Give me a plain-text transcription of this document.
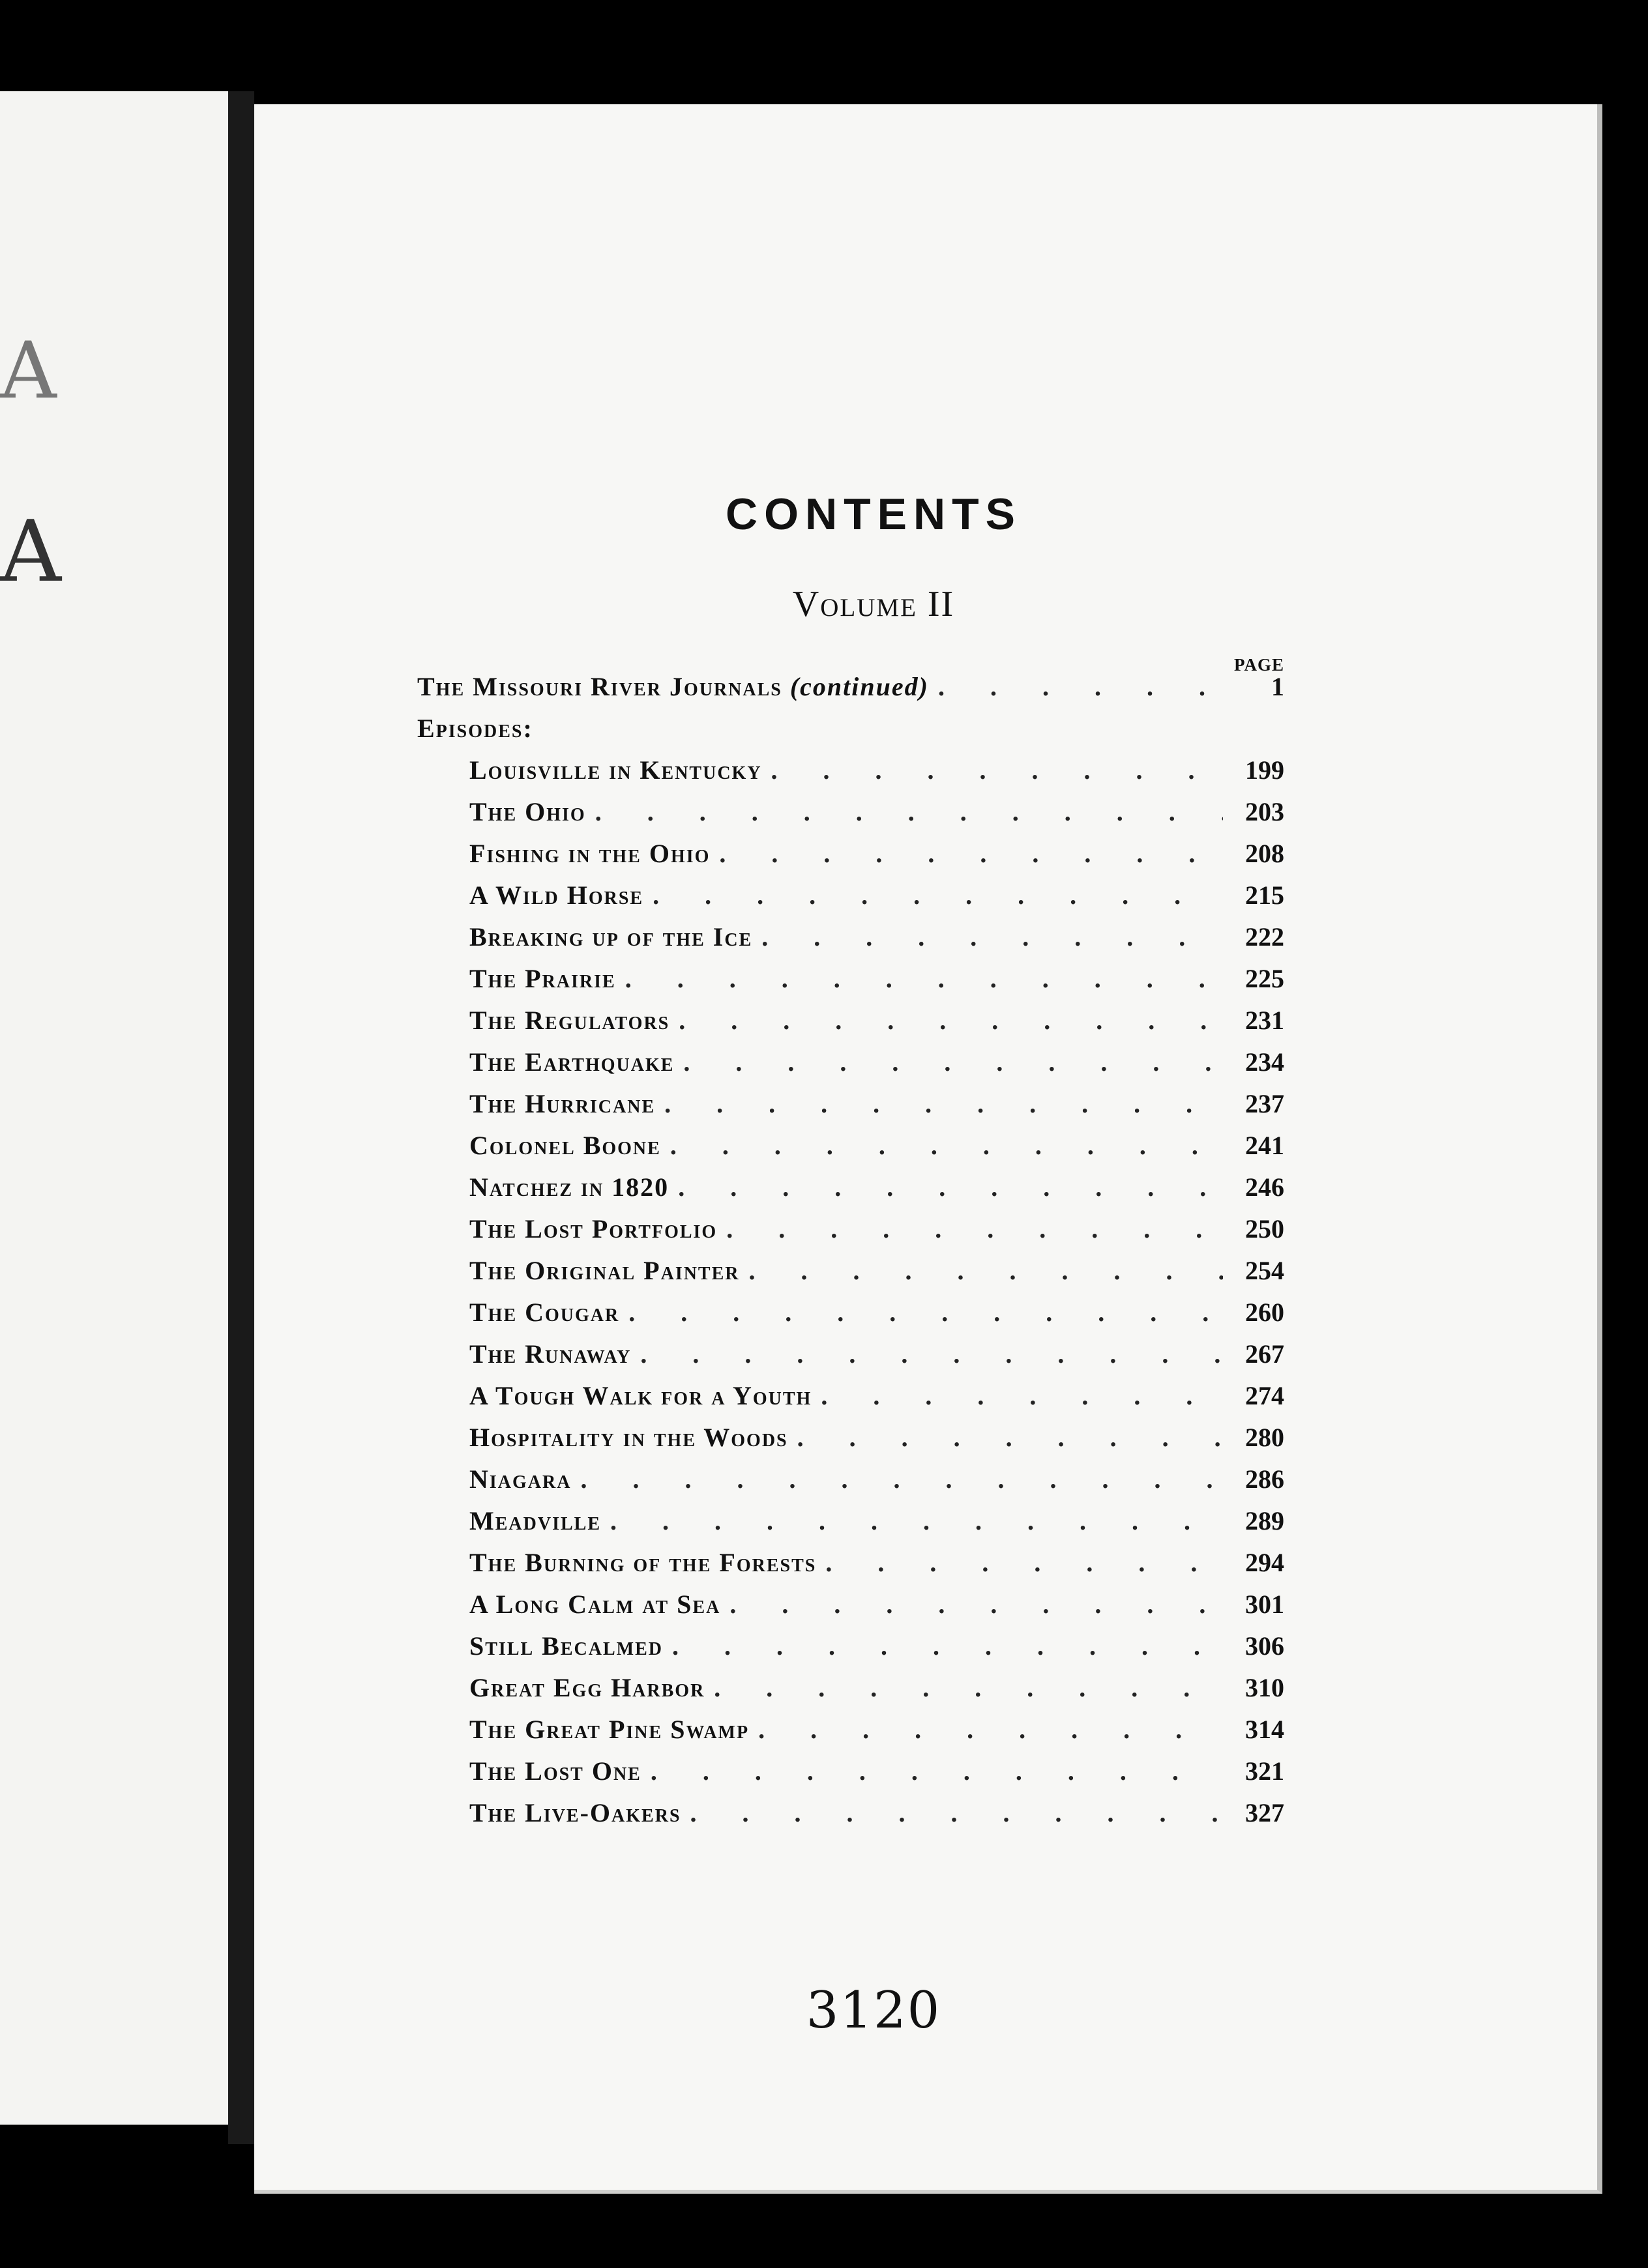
A
A	CONTENTS
Volume II
PAGE
The Missouri River Journals (continued) . . .	1
Episodes:
Louisville in Kentucky . . .	199
The Ohio . . .	203
Fishing in the Ohio . . .	208
A Wild Horse . . .	215
Breaking up of the Ice . . .	222
The Prairie . . .	225
The Regulators . . .	231
The Earthquake . . .	234
The Hurricane . . .	237
Colonel Boone . . .	241
Natchez in 1820 . . .	246
The Lost Portfolio . . .	250
The Original Painter . . .	254
The Cougar . . .	260
The Runaway . . .	267
A Tough Walk for a Youth . . .	274
Hospitality in the Woods . . .	280
Niagara . . .	286
Meadville . . .	289
The Burning of the Forests . . .	294
A Long Calm at Sea . . .	301
Still Becalmed . . .	306
Great Egg Harbor . . .	310
The Great Pine Swamp . . .	314
The Lost One . . .	321
The Live-Oakers . . .	327
3120
